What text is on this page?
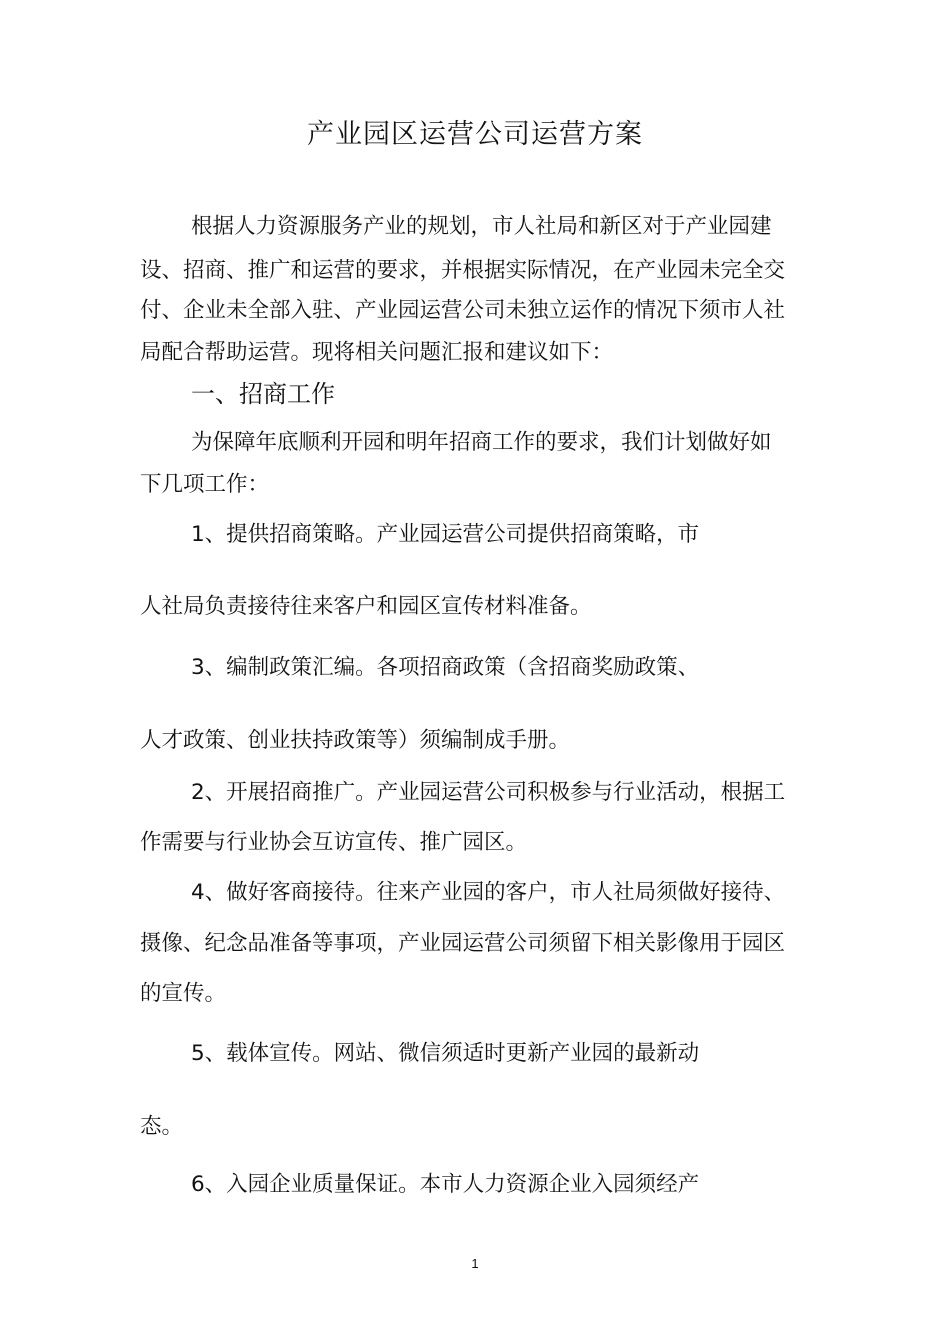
产业园区运营公司运营方案
根据人力资源服务产业的规划，市人社局和新区对于产业园建
设、招商、推广和运营的要求，并根据实际情况，在产业园未完全交
付、企业未全部入驻、产业园运营公司未独立运作的情况下须市人社
局配合帮助运营。现将相关问题汇报和建议如下：
一、招商工作
为保障年底顺利开园和明年招商工作的要求，我们计划做好如
下几项工作：
1、提供招商策略。产业园运营公司提供招商策略，市
人社局负责接待往来客户和园区宣传材料准备。
3、编制政策汇编。各项招商政策（含招商奖励政策、
人才政策、创业扶持政策等）须编制成手册。
2、开展招商推广。产业园运营公司积极参与行业活动，根据工
作需要与行业协会互访宣传、推广园区。
4、做好客商接待。往来产业园的客户，市人社局须做好接待、
摄像、纪念品准备等事项，产业园运营公司须留下相关影像用于园区
的宣传。
5、载体宣传。网站、微信须适时更新产业园的最新动
态。
6、入园企业质量保证。本市人力资源企业入园须经产
1
